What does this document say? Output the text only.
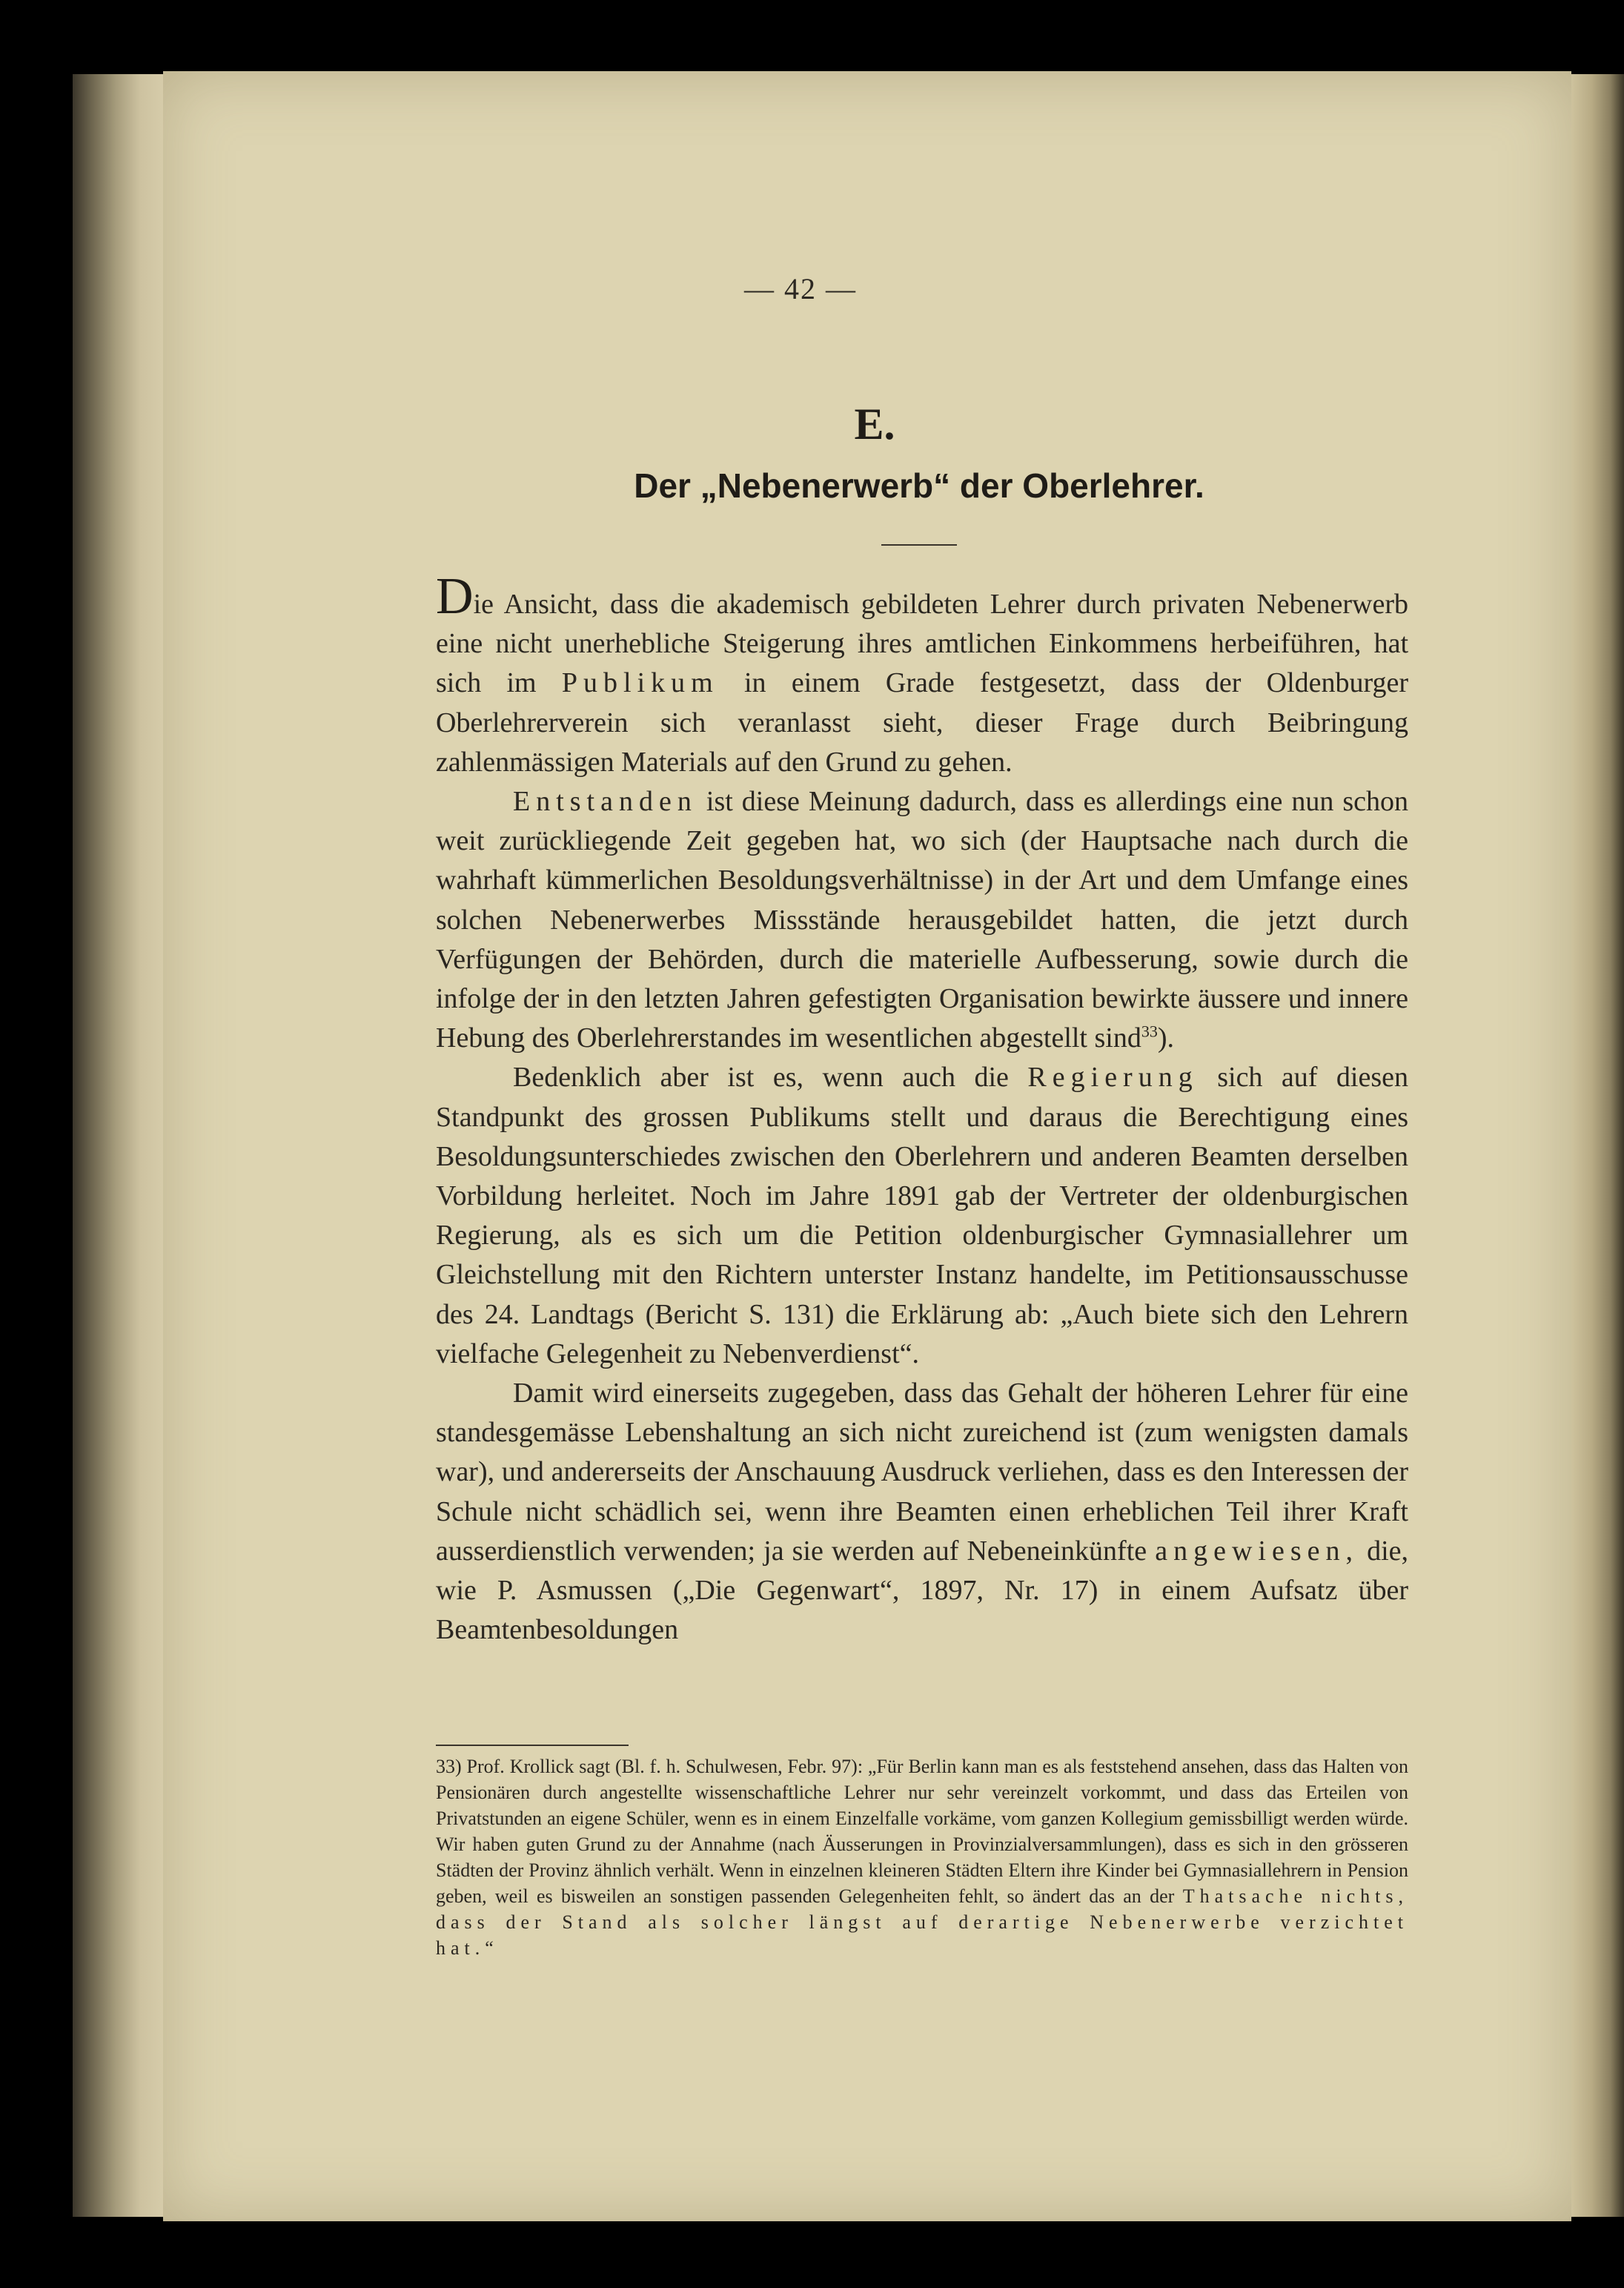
— 42 —
E.
Der „Nebenerwerb“ der Oberlehrer.

Die Ansicht, dass die akademisch gebildeten Lehrer durch privaten Nebenerwerb eine nicht unerhebliche Steigerung ihres amtlichen Einkommens herbeiführen, hat sich im Publikum in einem Grade festgesetzt, dass der Oldenburger Oberlehrerverein sich veranlasst sieht, dieser Frage durch Beibringung zahlenmässigen Materials auf den Grund zu gehen.

Entstanden ist diese Meinung dadurch, dass es allerdings eine nun schon weit zurückliegende Zeit gegeben hat, wo sich (der Hauptsache nach durch die wahrhaft kümmerlichen Besoldungsverhältnisse) in der Art und dem Umfange eines solchen Nebenerwerbes Missstände herausgebildet hatten, die jetzt durch Verfügungen der Behörden, durch die materielle Aufbesserung, sowie durch die infolge der in den letzten Jahren gefestigten Organisation bewirkte äussere und innere Hebung des Oberlehrerstandes im wesentlichen abgestellt sind$^{33}$).

Bedenklich aber ist es, wenn auch die Regierung sich auf diesen Standpunkt des grossen Publikums stellt und daraus die Berechtigung eines Besoldungsunterschiedes zwischen den Oberlehrern und anderen Beamten derselben Vorbildung herleitet. Noch im Jahre 1891 gab der Vertreter der oldenburgischen Regierung, als es sich um die Petition oldenburgischer Gymnasiallehrer um Gleichstellung mit den Richtern unterster Instanz handelte, im Petitionsausschusse des 24. Landtags (Bericht S. 131) die Erklärung ab: „Auch biete sich den Lehrern vielfache Gelegenheit zu Nebenverdienst“.

Damit wird einerseits zugegeben, dass das Gehalt der höheren Lehrer für eine standesgemässe Lebenshaltung an sich nicht zureichend ist (zum wenigsten damals war), und andererseits der Anschauung Ausdruck verliehen, dass es den Interessen der Schule nicht schädlich sei, wenn ihre Beamten einen erheblichen Teil ihrer Kraft ausserdienstlich verwenden; ja sie werden auf Nebeneinkünfte angewiesen, die, wie P. Asmussen („Die Gegenwart“, 1897, Nr. 17) in einem Aufsatz über Beamtenbesoldungen

33) Prof. Krollick sagt (Bl. f. h. Schulwesen, Febr. 97): „Für Berlin kann man es als feststehend ansehen, dass das Halten von Pensionären durch angestellte wissenschaftliche Lehrer nur sehr vereinzelt vorkommt, und dass das Erteilen von Privatstunden an eigene Schüler, wenn es in einem Einzelfalle vorkäme, vom ganzen Kollegium gemissbilligt werden würde. Wir haben guten Grund zu der Annahme (nach Äusserungen in Provinzialversammlungen), dass es sich in den grösseren Städten der Provinz ähnlich verhält. Wenn in einzelnen kleineren Städten Eltern ihre Kinder bei Gymnasiallehrern in Pension geben, weil es bisweilen an sonstigen passenden Gelegenheiten fehlt, so ändert das an der Thatsache nichts, dass der Stand als solcher längst auf derartige Nebenerwerbe verzichtet hat.“
